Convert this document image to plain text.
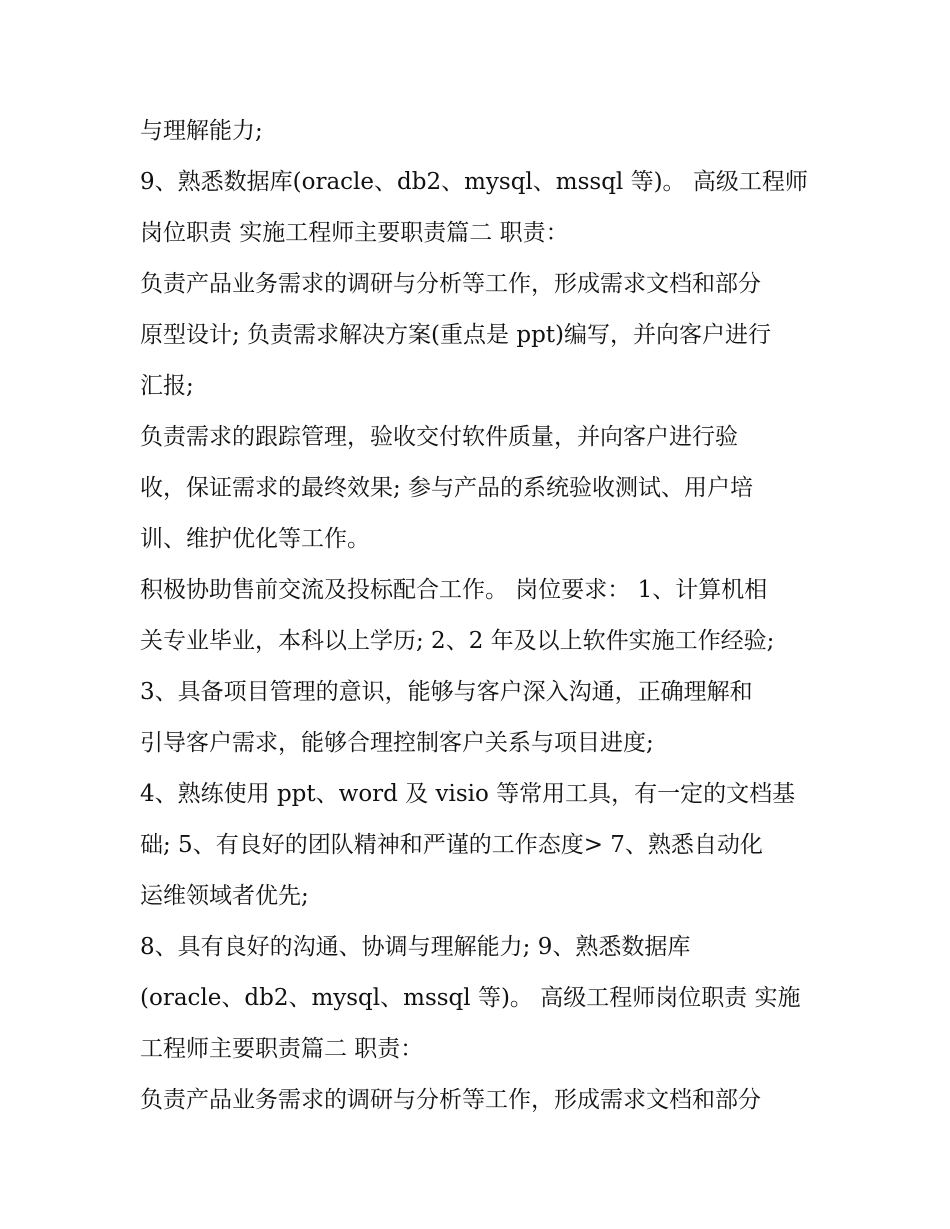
与理解能力;
9、熟悉数据库(oracle、db2、mysql、mssql 等)。 高级工程师
岗位职责 实施工程师主要职责篇二 职责：
负责产品业务需求的调研与分析等工作，形成需求文档和部分
原型设计; 负责需求解决方案(重点是 ppt)编写，并向客户进行
汇报;
负责需求的跟踪管理，验收交付软件质量，并向客户进行验
收，保证需求的最终效果; 参与产品的系统验收测试、用户培
训、维护优化等工作。
积极协助售前交流及投标配合工作。 岗位要求： 1、计算机相
关专业毕业，本科以上学历; 2、2 年及以上软件实施工作经验;
3、具备项目管理的意识，能够与客户深入沟通，正确理解和
引导客户需求，能够合理控制客户关系与项目进度;
4、熟练使用 ppt、word 及 visio 等常用工具，有一定的文档基
础; 5、有良好的团队精神和严谨的工作态度> 7、熟悉自动化
运维领域者优先;
8、具有良好的沟通、协调与理解能力; 9、熟悉数据库
(oracle、db2、mysql、mssql 等)。 高级工程师岗位职责 实施
工程师主要职责篇二 职责：
负责产品业务需求的调研与分析等工作，形成需求文档和部分
